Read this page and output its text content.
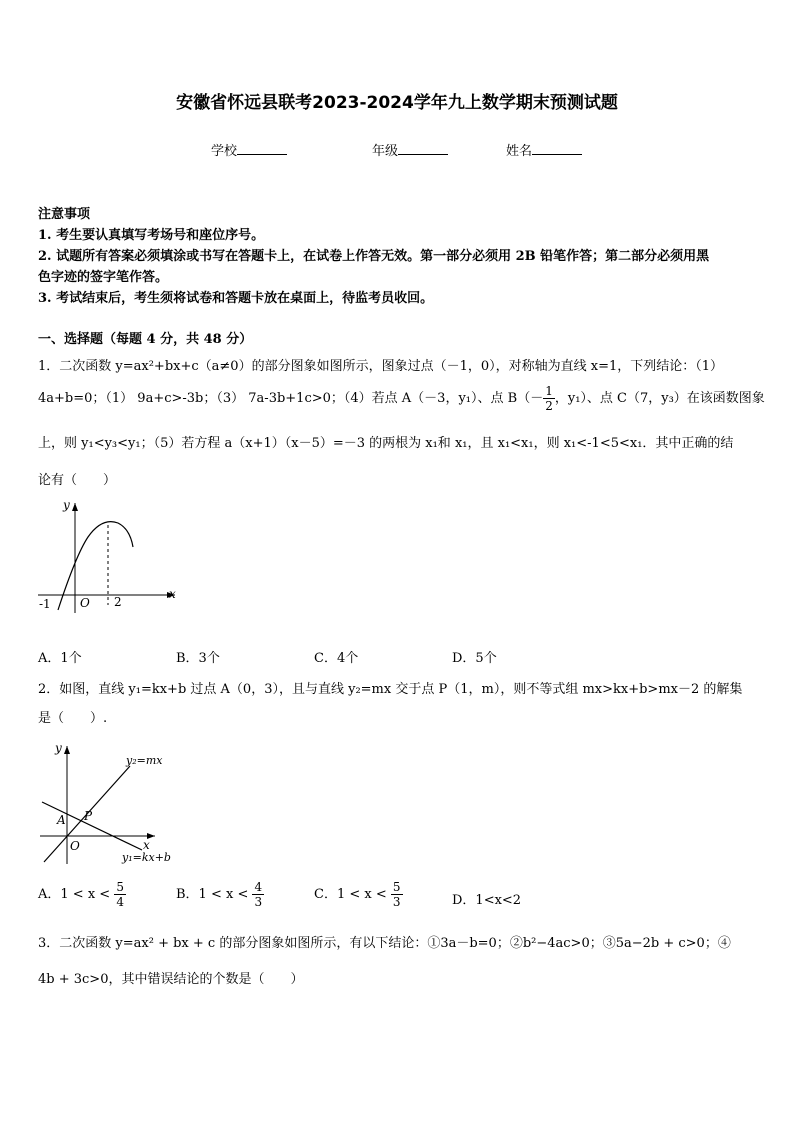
安徽省怀远县联考2023-2024学年九上数学期末预测试题
学校	年级	姓名
注意事项
1. 考生要认真填写考场号和座位序号。
2. 试题所有答案必须填涂或书写在答题卡上，在试卷上作答无效。第一部分必须用 2B 铅笔作答；第二部分必须用黑
色字迹的签字笔作答。
3. 考试结束后，考生须将试卷和答题卡放在桌面上，待监考员收回。
一、选择题（每题 4 分，共 48 分）
1．二次函数 y=ax²+bx+c（a≠0）的部分图象如图所示，图象过点（－1，0），对称轴为直线 x=1，下列结论：（1）
4a+b=0；（1） 9a+c>-3b；（3） 7a-3b+1c>0；（4）若点 A（－3，y₁）、点 $B(- \frac{1}{2}$ ，y₁）、点 C（7，y₃）在该函数图象
上，则 y₁<y₃<y₁；（5）若方程 a（x+1）（x－5）=－3 的两根为 x₁和 x₁，且 x₁<x₁，则 x₁<-1<5<x₁．其中正确的结
论有（　　）
y
x
O
-1	2
A．1个	B．3个	C．4个	D．5个
2．如图，直线 y₁=kx+b 过点 A（0，3），且与直线 y₂=mx 交于点 P（1，m），则不等式组 mx>kx+b>mx－2 的解集
是（　　）.
y
x
O
A P
y₂=mx
y₁=kx+b
A．$1 < x < \frac{5}{4}$	B．$1 < x < \frac{4}{3}$	C．$1 < x < \frac{5}{3}$	D．1<x<2
3．二次函数 y=ax² + bx + c 的部分图象如图所示，有以下结论：①3a－b=0；②b²−4ac>0；③5a−2b + c>0；④
4b + 3c>0，其中错误结论的个数是（　　）
